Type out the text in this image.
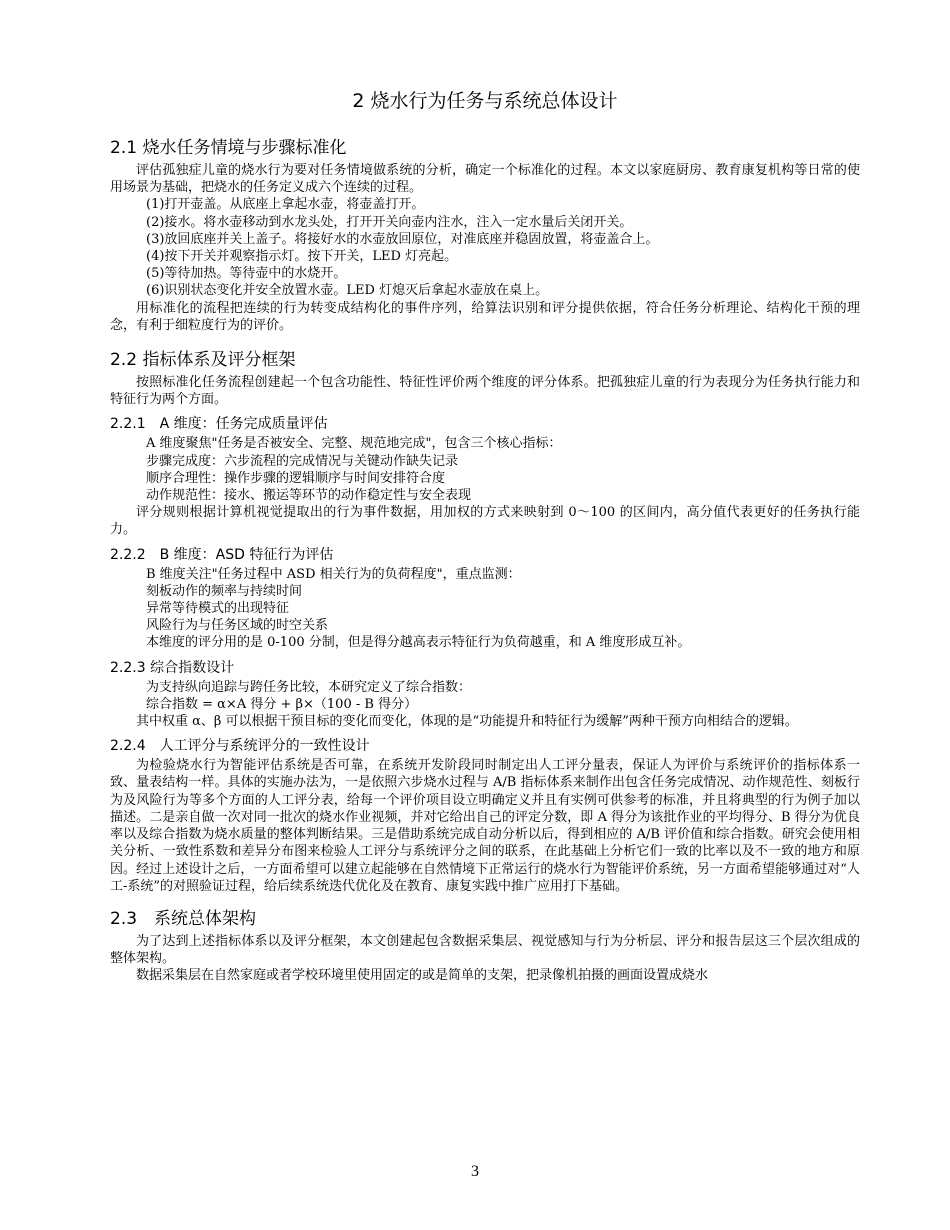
2 烧水行为任务与系统总体设计
2.1 烧水任务情境与步骤标准化

评估孤独症儿童的烧水行为要对任务情境做系统的分析，确定一个标准化的过程。本文以家庭厨房、教育康复机构等日常的使用场景为基础，把烧水的任务定义成六个连续的过程。

(1)打开壶盖。从底座上拿起水壶，将壶盖打开。

(2)接水。将水壶移动到水龙头处，打开开关向壶内注水，注入一定水量后关闭开关。

(3)放回底座并关上盖子。将接好水的水壶放回原位，对准底座并稳固放置，将壶盖合上。

(4)按下开关并观察指示灯。按下开关，LED 灯亮起。

(5)等待加热。等待壶中的水烧开。

(6)识别状态变化并安全放置水壶。LED 灯熄灭后拿起水壶放在桌上。

用标准化的流程把连续的行为转变成结构化的事件序列，给算法识别和评分提供依据，符合任务分析理论、结构化干预的理念，有利于细粒度行为的评价。

2.2 指标体系及评分框架

按照标准化任务流程创建起一个包含功能性、特征性评价两个维度的评分体系。把孤独症儿童的行为表现分为任务执行能力和特征行为两个方面。

2.2.1　A 维度：任务完成质量评估

A 维度聚焦"任务是否被安全、完整、规范地完成"，包含三个核心指标：

步骤完成度：六步流程的完成情况与关键动作缺失记录

顺序合理性：操作步骤的逻辑顺序与时间安排符合度

动作规范性：接水、搬运等环节的动作稳定性与安全表现

评分规则根据计算机视觉提取出的行为事件数据，用加权的方式来映射到 0～100 的区间内，高分值代表更好的任务执行能力。

2.2.2　B 维度：ASD 特征行为评估

B 维度关注"任务过程中 ASD 相关行为的负荷程度"，重点监测：

刻板动作的频率与持续时间

异常等待模式的出现特征

风险行为与任务区域的时空关系

本维度的评分用的是 0-100 分制，但是得分越高表示特征行为负荷越重，和 A 维度形成互补。

2.2.3 综合指数设计

为支持纵向追踪与跨任务比较，本研究定义了综合指数：

综合指数 = α×A 得分 + β×（100 - B 得分）

其中权重 α、β 可以根据干预目标的变化而变化，体现的是“功能提升和特征行为缓解”两种干预方向相结合的逻辑。

2.2.4　人工评分与系统评分的一致性设计

为检验烧水行为智能评估系统是否可靠，在系统开发阶段同时制定出人工评分量表，保证人为评价与系统评价的指标体系一致、量表结构一样。具体的实施办法为，一是依照六步烧水过程与 A/B 指标体系来制作出包含任务完成情况、动作规范性、刻板行为及风险行为等多个方面的人工评分表，给每一个评价项目设立明确定义并且有实例可供参考的标准，并且将典型的行为例子加以描述。二是亲自做一次对同一批次的烧水作业视频，并对它给出自己的评定分数，即 A 得分为该批作业的平均得分、B 得分为优良率以及综合指数为烧水质量的整体判断结果。三是借助系统完成自动分析以后，得到相应的 A/B 评价值和综合指数。研究会使用相关分析、一致性系数和差异分布图来检验人工评分与系统评分之间的联系，在此基础上分析它们一致的比率以及不一致的地方和原因。经过上述设计之后，一方面希望可以建立起能够在自然情境下正常运行的烧水行为智能评价系统，另一方面希望能够通过对“人工-系统”的对照验证过程，给后续系统迭代优化及在教育、康复实践中推广应用打下基础。

2.3　系统总体架构

为了达到上述指标体系以及评分框架，本文创建起包含数据采集层、视觉感知与行为分析层、评分和报告层这三个层次组成的整体架构。

数据采集层在自然家庭或者学校环境里使用固定的或是简单的支架，把录像机拍摄的画面设置成烧水

3
